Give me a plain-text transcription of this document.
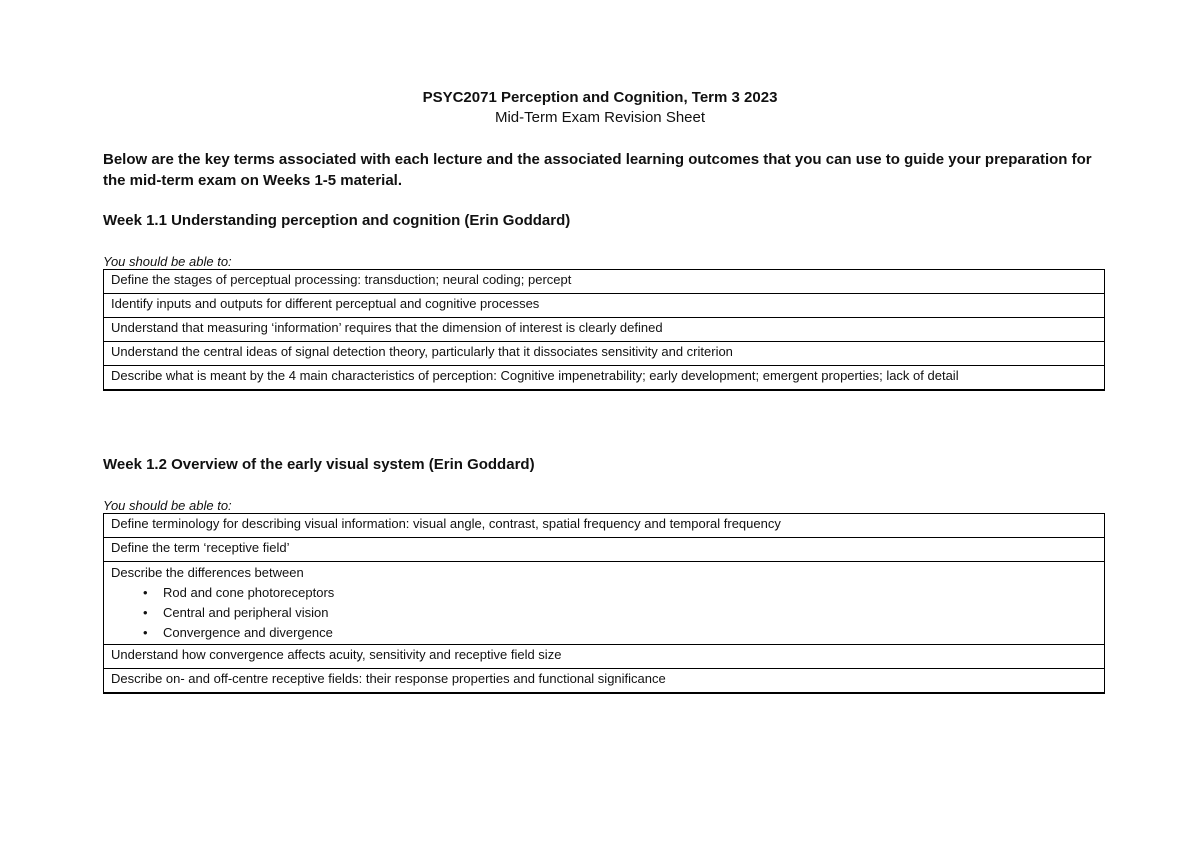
PSYC2071 Perception and Cognition, Term 3 2023
Mid-Term Exam Revision Sheet
Below are the key terms associated with each lecture and the associated learning outcomes that you can use to guide your preparation for the mid-term exam on Weeks 1-5 material.
Week 1.1 Understanding perception and cognition (Erin Goddard)
You should be able to:
Define the stages of perceptual processing: transduction; neural coding; percept
Identify inputs and outputs for different perceptual and cognitive processes
Understand that measuring ‘information’ requires that the dimension of interest is clearly defined
Understand the central ideas of signal detection theory, particularly that it dissociates sensitivity and criterion
Describe what is meant by the 4 main characteristics of perception: Cognitive impenetrability; early development; emergent properties; lack of detail
Week 1.2 Overview of the early visual system (Erin Goddard)
You should be able to:
Define terminology for describing visual information: visual angle, contrast, spatial frequency and temporal frequency
Define the term ‘receptive field’

Describe the differences between
• Rod and cone photoreceptors
• Central and peripheral vision
• Convergence and divergence

Understand how convergence affects acuity, sensitivity and receptive field size
Describe on- and off-centre receptive fields: their response properties and functional significance
